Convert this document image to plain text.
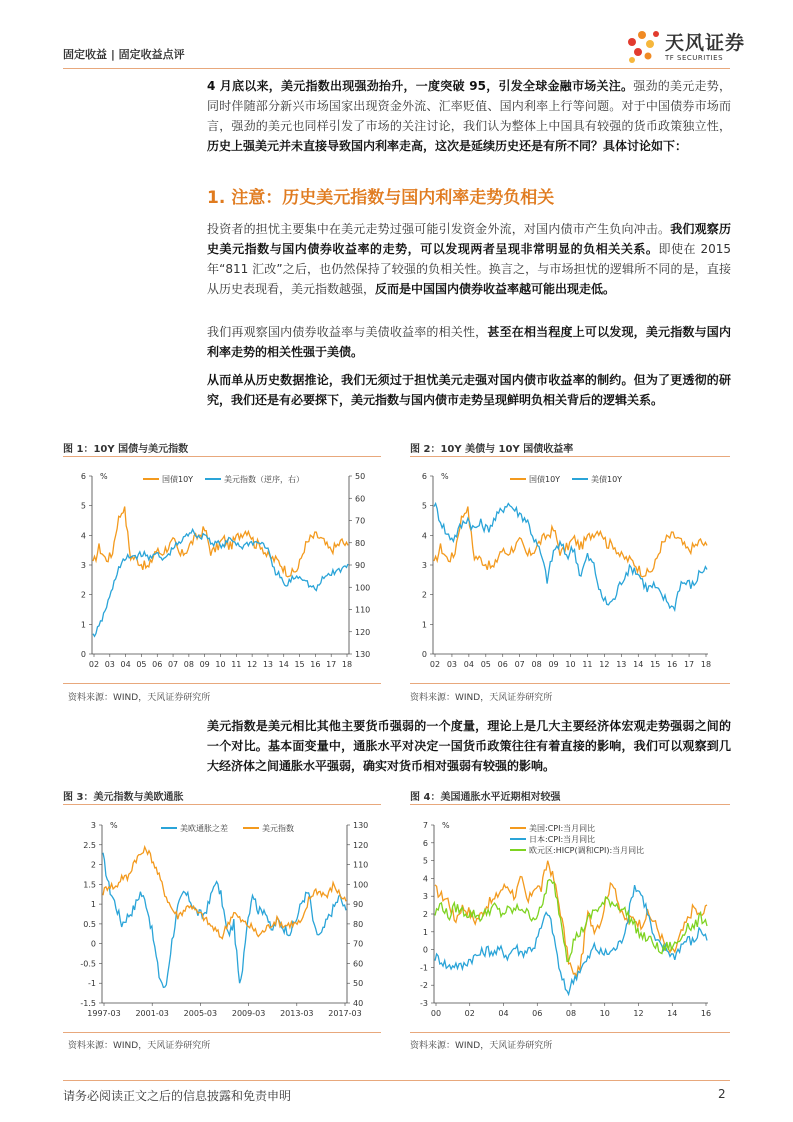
固定收益 | 固定收益点评
天风证券
TF SECURITIES

4 月底以来，美元指数出现强劲抬升，一度突破 95，引发全球金融市场关注。强劲的美元走势，同时伴随部分新兴市场国家出现资金外流、汇率贬值、国内利率上行等问题。对于中国债券市场而言，强劲的美元也同样引发了市场的关注讨论，我们认为整体上中国具有较强的货币政策独立性，历史上强美元并未直接导致国内利率走高，这次是延续历史还是有所不同？具体讨论如下：

1. 注意：历史美元指数与国内利率走势负相关

投资者的担忧主要集中在美元走势过强可能引发资金外流，对国内债市产生负向冲击。我们观察历史美元指数与国内债券收益率的走势，可以发现两者呈现非常明显的负相关关系。即使在 2015 年“811 汇改”之后，也仍然保持了较强的负相关性。换言之，与市场担忧的逻辑所不同的是，直接从历史表现看，美元指数越强，反而是中国国内债券收益率越可能出现走低。

我们再观察国内债券收益率与美债收益率的相关性，甚至在相当程度上可以发现，美元指数与国内利率走势的相关性强于美债。

从而单从历史数据推论，我们无须过于担忧美元走强对国内债市收益率的制约。但为了更透彻的研究，我们还是有必要探下，美元指数与国内债市走势呈现鲜明负相关背后的逻辑关系。

图 1：10Y 国债与美元指数
0
1
2
3
4
5
6 %
130
120
110
100
90
80
70
60
50
02 03 04 05 06 07 08 09 10 11 12 13 14 15 16 17 18
国债10Y	美元指数（逆序，右）
资料来源：WIND，天风证券研究所
图 2：10Y 美债与 10Y 国债收益率
0
1
2
3
4
5
6 %
02 03 04 05 06 07 08 09 10 11 12 13 14 15 16 17 18
国债10Y	美债10Y
资料来源：WIND，天风证券研究所

美元指数是美元相比其他主要货币强弱的一个度量，理论上是几大主要经济体宏观走势强弱之间的一个对比。基本面变量中，通胀水平对决定一国货币政策往往有着直接的影响，我们可以观察到几大经济体之间通胀水平强弱，确实对货币相对强弱有较强的影响。

图 3：美元指数与美欧通胀
-1.5
-1
-0.5
0
0.5
1
1.5
2
2.5
3 %
40
50
60
70
80
90
100
110
120
130
1997-03 2001-03 2005-03 2009-03 2013-03 2017-03
美欧通胀之差	美元指数
资料来源：WIND，天风证券研究所
图 4：美国通胀水平近期相对较强
-3
-2
-1
0
1
2
3
4
5
6
7 %
00	02	04	06	08	10	12	14	16
美国:CPI:当月同比
日本:CPI:当月同比
欧元区:HICP(调和CPI):当月同比
资料来源：WIND，天风证券研究所
请务必阅读正文之后的信息披露和免责申明	2
